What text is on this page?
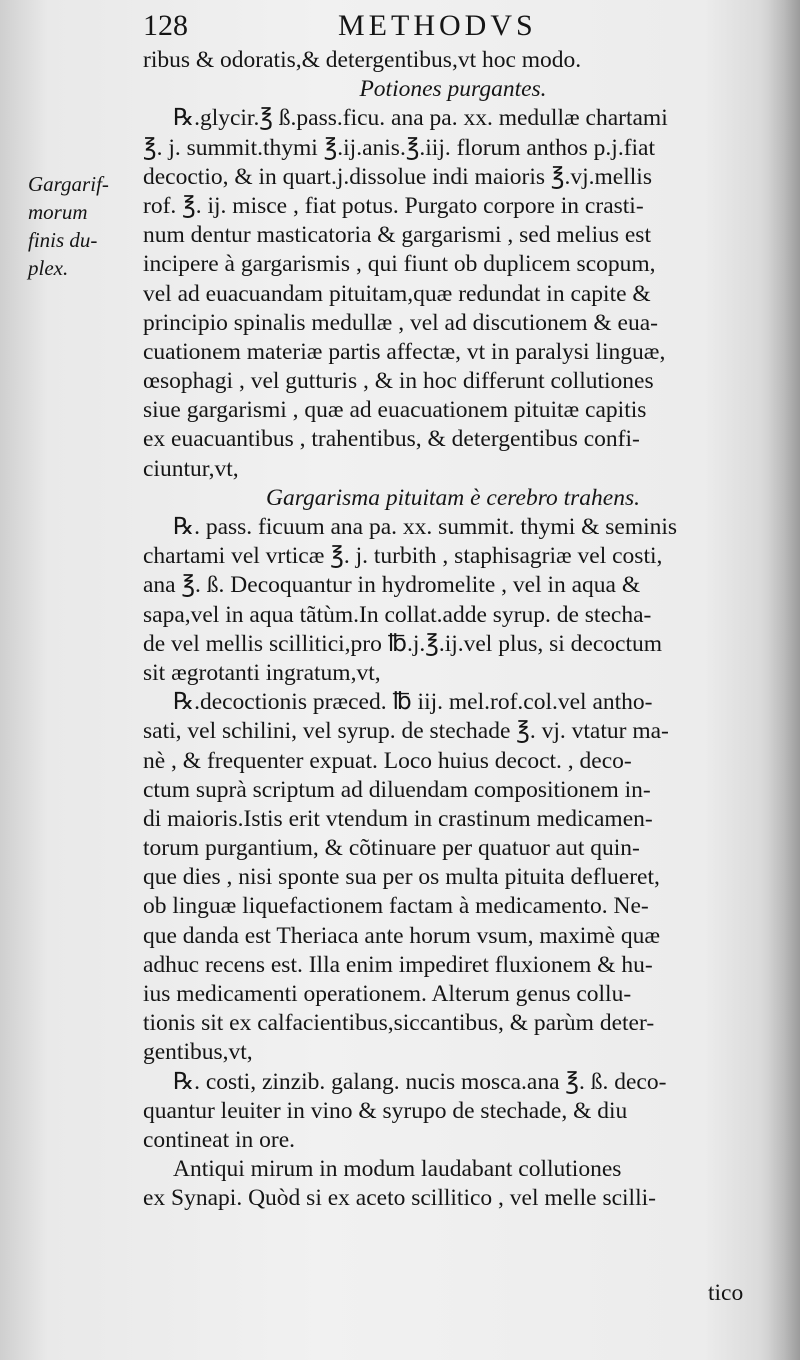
128	METHODVS
Gargarif-
morum
finis du-
plex.
ribus & odoratis,& detergentibus,vt hoc modo.
Potiones purgantes.
℞.glycir.℥ ß.pass.ficu. ana pa. xx. medullæ chartami
℥. j. summit.thymi ℥.ij.anis.℥.iij. florum anthos p.j.fiat
decoctio, & in quart.j.dissolue indi maioris ℥.vj.mellis
rof. ℥. ij. misce , fiat potus. Purgato corpore in crasti-
num dentur masticatoria & gargarismi , sed melius est
incipere à gargarismis , qui fiunt ob duplicem scopum,
vel ad euacuandam pituitam,quæ redundat in capite &
principio spinalis medullæ , vel ad discutionem & eua-
cuationem materiæ partis affectæ, vt in paralysi linguæ,
œsophagi , vel gutturis , & in hoc differunt collutiones
siue gargarismi , quæ ad euacuationem pituitæ capitis
ex euacuantibus , trahentibus, & detergentibus confi-
ciuntur,vt,
Gargarisma pituitam è cerebro trahens.
℞. pass. ficuum ana pa. xx. summit. thymi & seminis
chartami vel vrticæ ℥. j. turbith , staphisagriæ vel costi,
ana ℥. ß. Decoquantur in hydromelite , vel in aqua &
sapa,vel in aqua tãtùm.In collat.adde syrup. de stecha-
de vel mellis scillitici,pro ℔.j.℥.ij.vel plus, si decoctum
sit ægrotanti ingratum,vt,
℞.decoctionis præced. ℔ iij. mel.rof.col.vel antho-
sati, vel schilini, vel syrup. de stechade ℥. vj. vtatur ma-
nè , & frequenter expuat. Loco huius decoct. , deco-
ctum suprà scriptum ad diluendam compositionem in-
di maioris.Istis erit vtendum in crastinum medicamen-
torum purgantium, & cõtinuare per quatuor aut quin-
que dies , nisi sponte sua per os multa pituita deflueret,
ob linguæ liquefactionem factam à medicamento. Ne-
que danda est Theriaca ante horum vsum, maximè quæ
adhuc recens est. Illa enim impediret fluxionem & hu-
ius medicamenti operationem. Alterum genus collu-
tionis sit ex calfacientibus,siccantibus, & parùm deter-
gentibus,vt,
℞. costi, zinzib. galang. nucis mosca.ana ℥. ß. deco-
quantur leuiter in vino & syrupo de stechade, & diu
contineat in ore.
Antiqui mirum in modum laudabant collutiones
ex Synapi. Quòd si ex aceto scillitico , vel melle scilli-
tico
